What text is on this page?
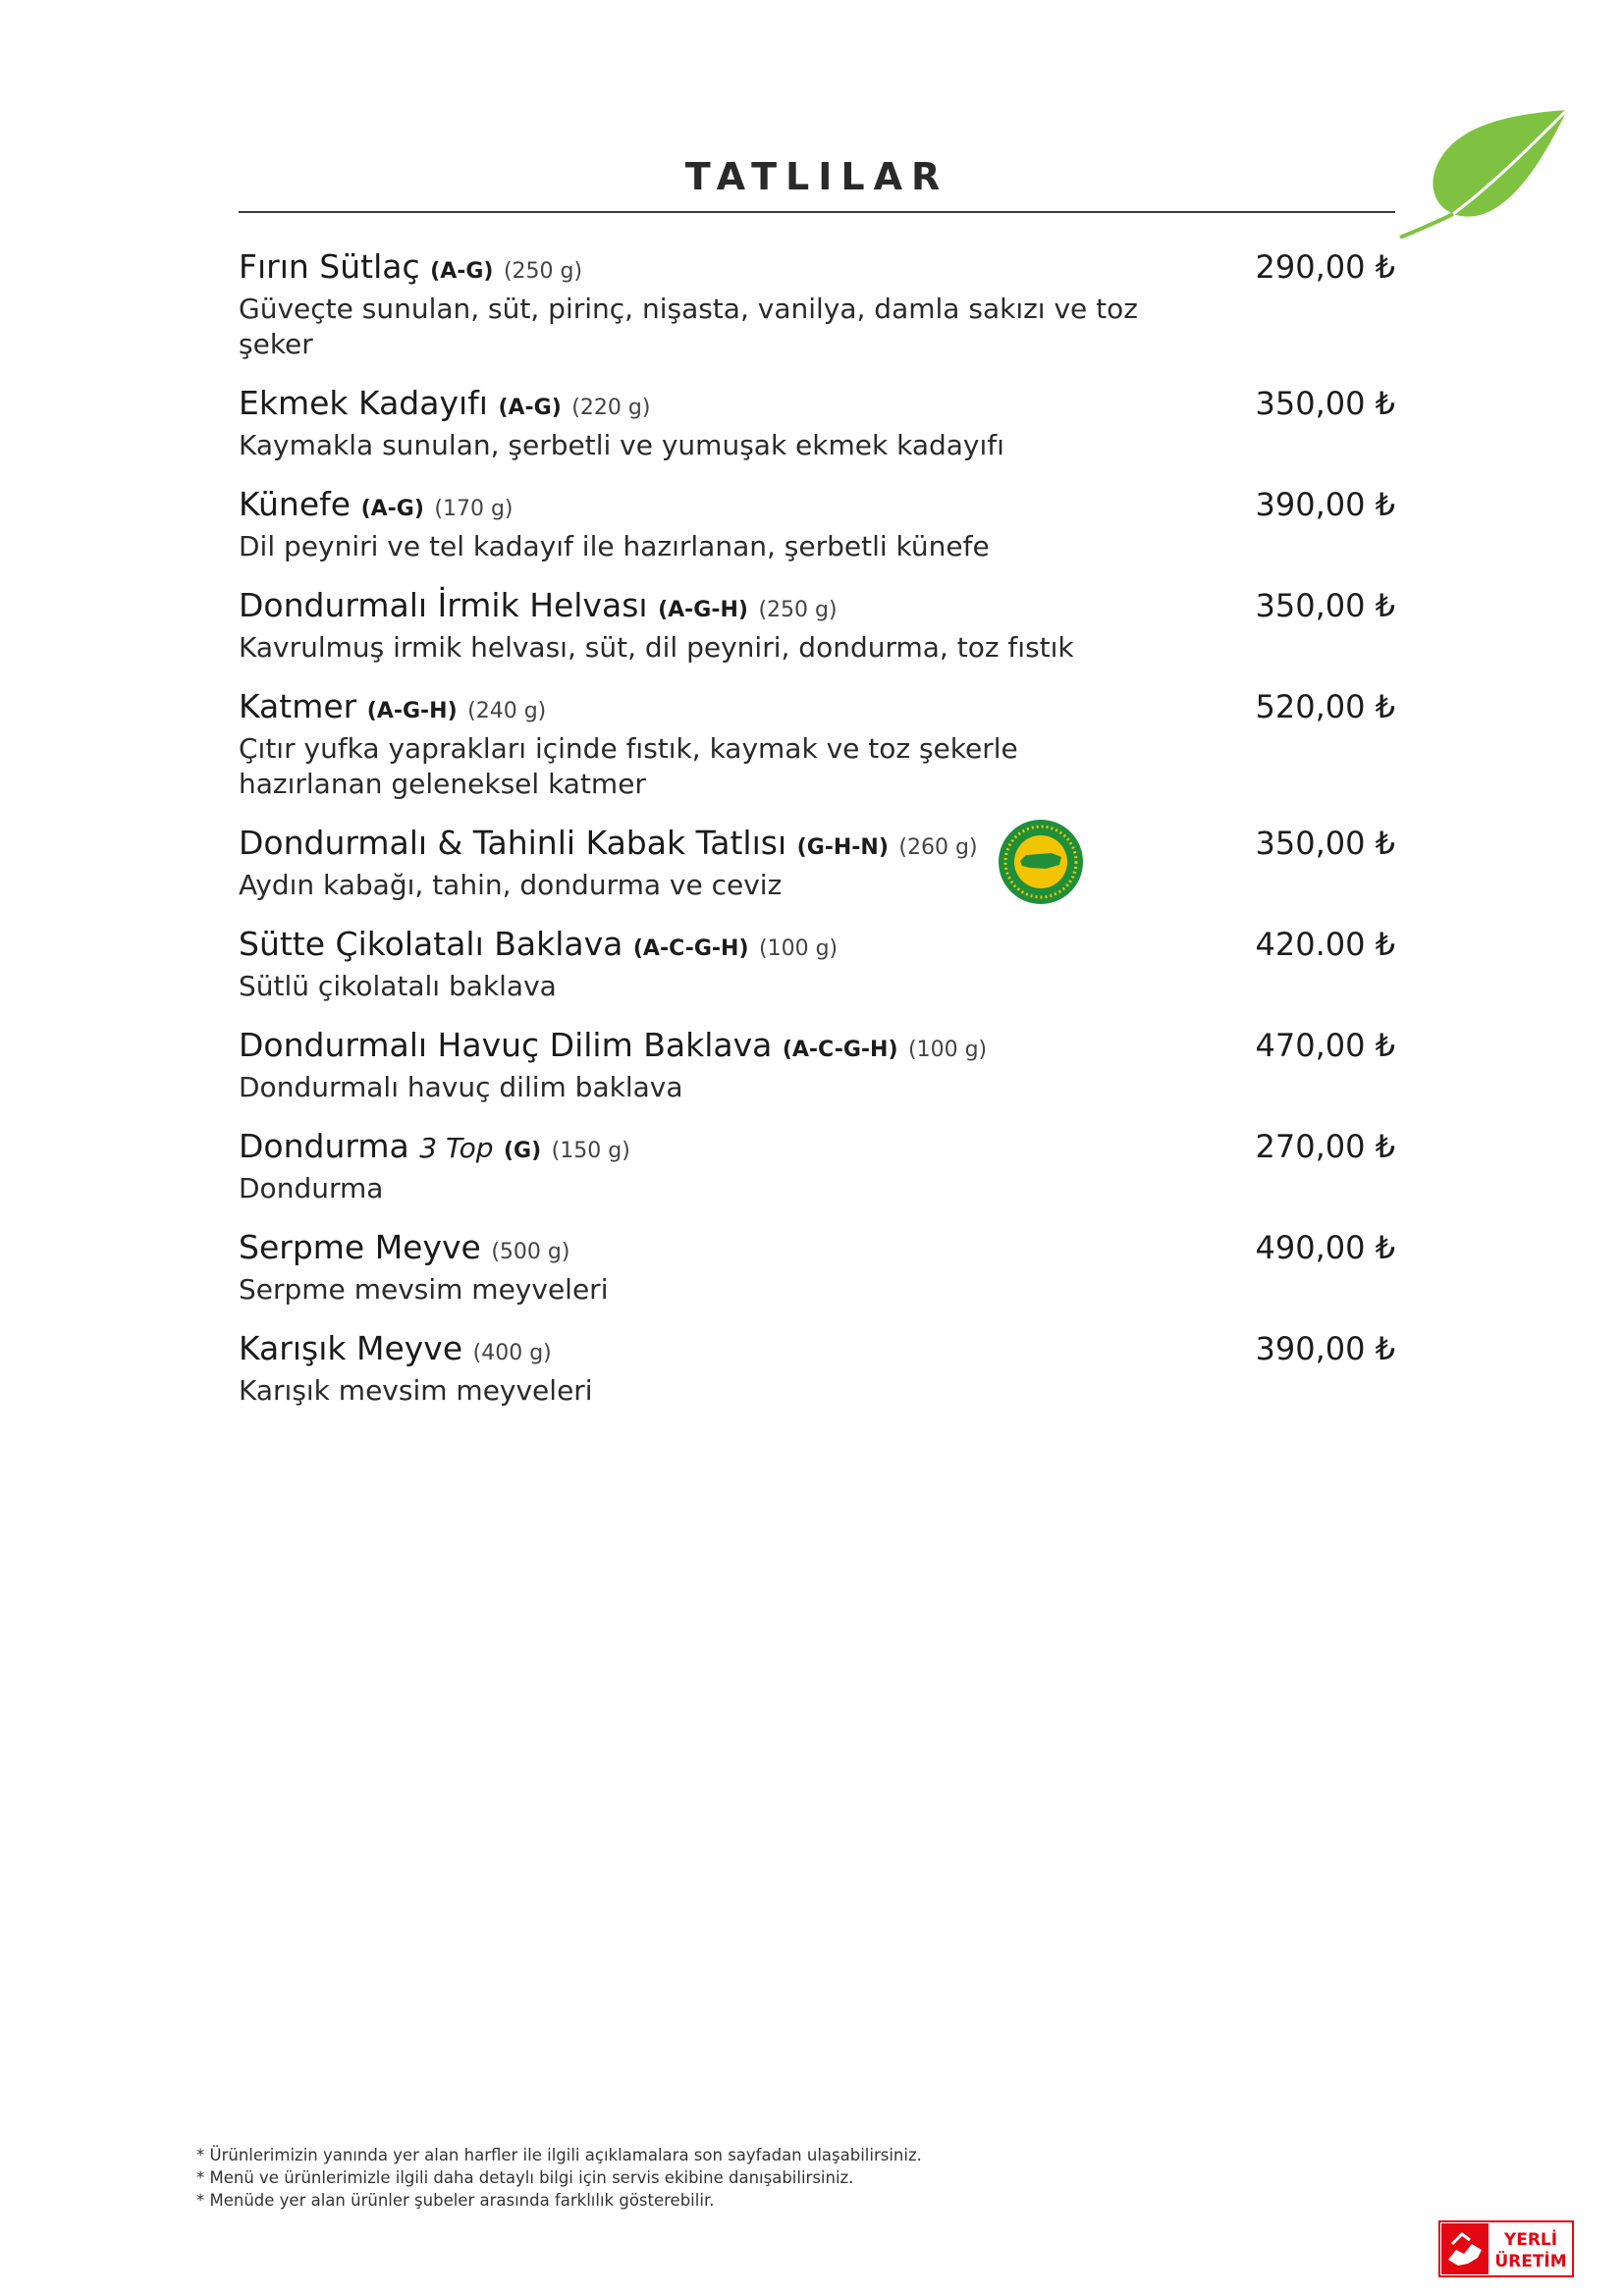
TATLILAR
Fırın Sütlaç (A-G) (250 g)
Güveçte sunulan, süt, pirinç, nişasta, vanilya, damla sakızı ve toz şeker
290,00 ₺
Ekmek Kadayıfı (A-G) (220 g)
Kaymakla sunulan, şerbetli ve yumuşak ekmek kadayıfı
350,00 ₺
Künefe (A-G) (170 g)
Dil peyniri ve tel kadayıf ile hazırlanan, şerbetli künefe
390,00 ₺
Dondurmalı İrmik Helvası (A-G-H) (250 g)
Kavrulmuş irmik helvası, süt, dil peyniri, dondurma, toz fıstık
350,00 ₺
Katmer (A-G-H) (240 g)
Çıtır yufka yaprakları içinde fıstık, kaymak ve toz şekerle hazırlanan geleneksel katmer
520,00 ₺
Dondurmalı & Tahinli Kabak Tatlısı (G-H-N) (260 g)
Aydın kabağı, tahin, dondurma ve ceviz
350,00 ₺
Sütte Çikolatalı Baklava (A-C-G-H) (100 g)
Sütlü çikolatalı baklava
420.00 ₺
Dondurmalı Havuç Dilim Baklava (A-C-G-H) (100 g)
Dondurmalı havuç dilim baklava
470,00 ₺
Dondurma 3 Top (G) (150 g)
Dondurma
270,00 ₺
Serpme Meyve (500 g)
Serpme mevsim meyveleri
490,00 ₺
Karışık Meyve (400 g)
Karışık mevsim meyveleri
390,00 ₺
* Ürünlerimizin yanında yer alan harfler ile ilgili açıklamalara son sayfadan ulaşabilirsiniz.
* Menü ve ürünlerimizle ilgili daha detaylı bilgi için servis ekibine danışabilirsiniz.
* Menüde yer alan ürünler şubeler arasında farklılık gösterebilir.
YERLİ
ÜRETİM
